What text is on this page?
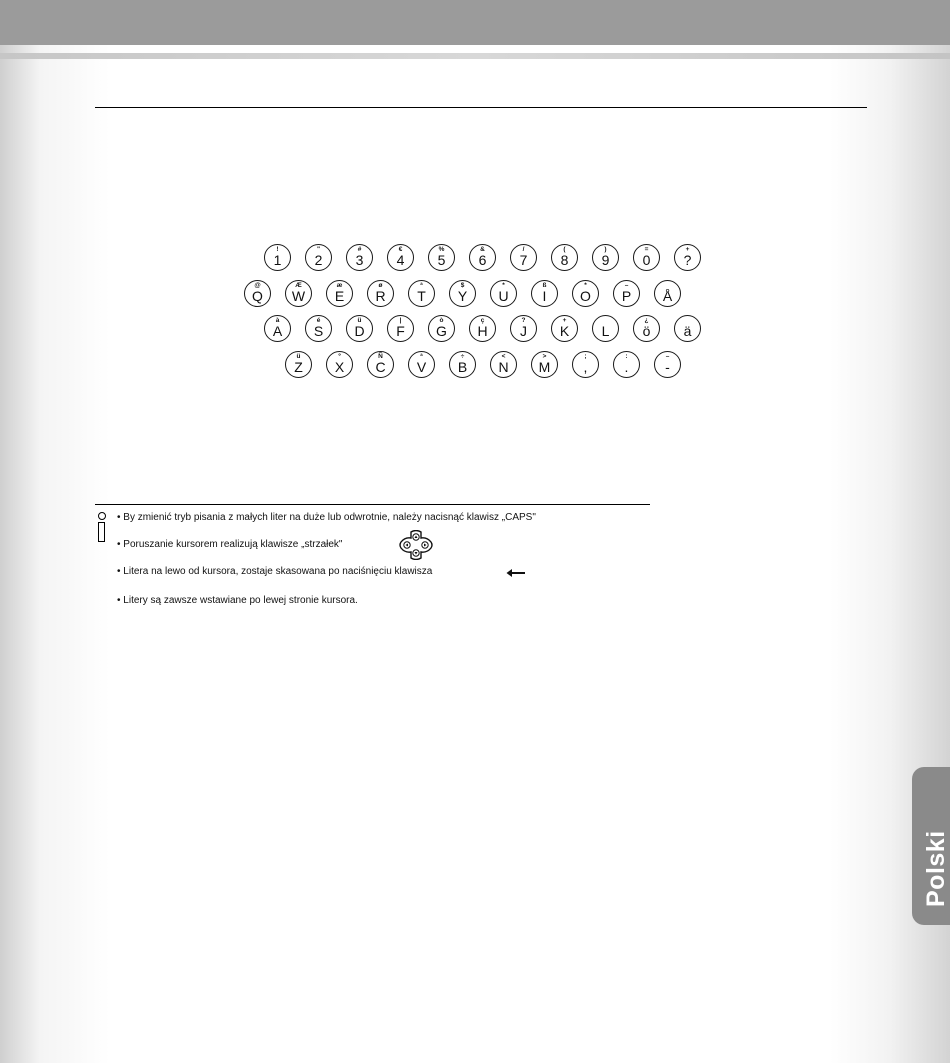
!
1
"
2
#
3
€
4
%
5
&
6
/
7
(
8
)
9
=
0
+
?
@
Q
Æ
W
æ
E
ø
R
ª
T
$
Y
*
U
ß
I
*
O
–
P	Å
à
A
é
S
ü
D
|
F
ò
G
ç
H
?
J
+
K	L
¿
ö	ä
ü
Z
º
X
Ñ
C
ª
V
÷
B
<
N
>
M
;
,
:
.
–
-
• By zmienić tryb pisania z małych liter na duże lub odwrotnie, należy nacisnąć klawisz „CAPS"
• Poruszanie kursorem realizują klawisze „strzałek"
• Litera na lewo od kursora, zostaje skasowana po naciśnięciu klawisza
• Litery są zawsze wstawiane po lewej stronie kursora.
Polski
